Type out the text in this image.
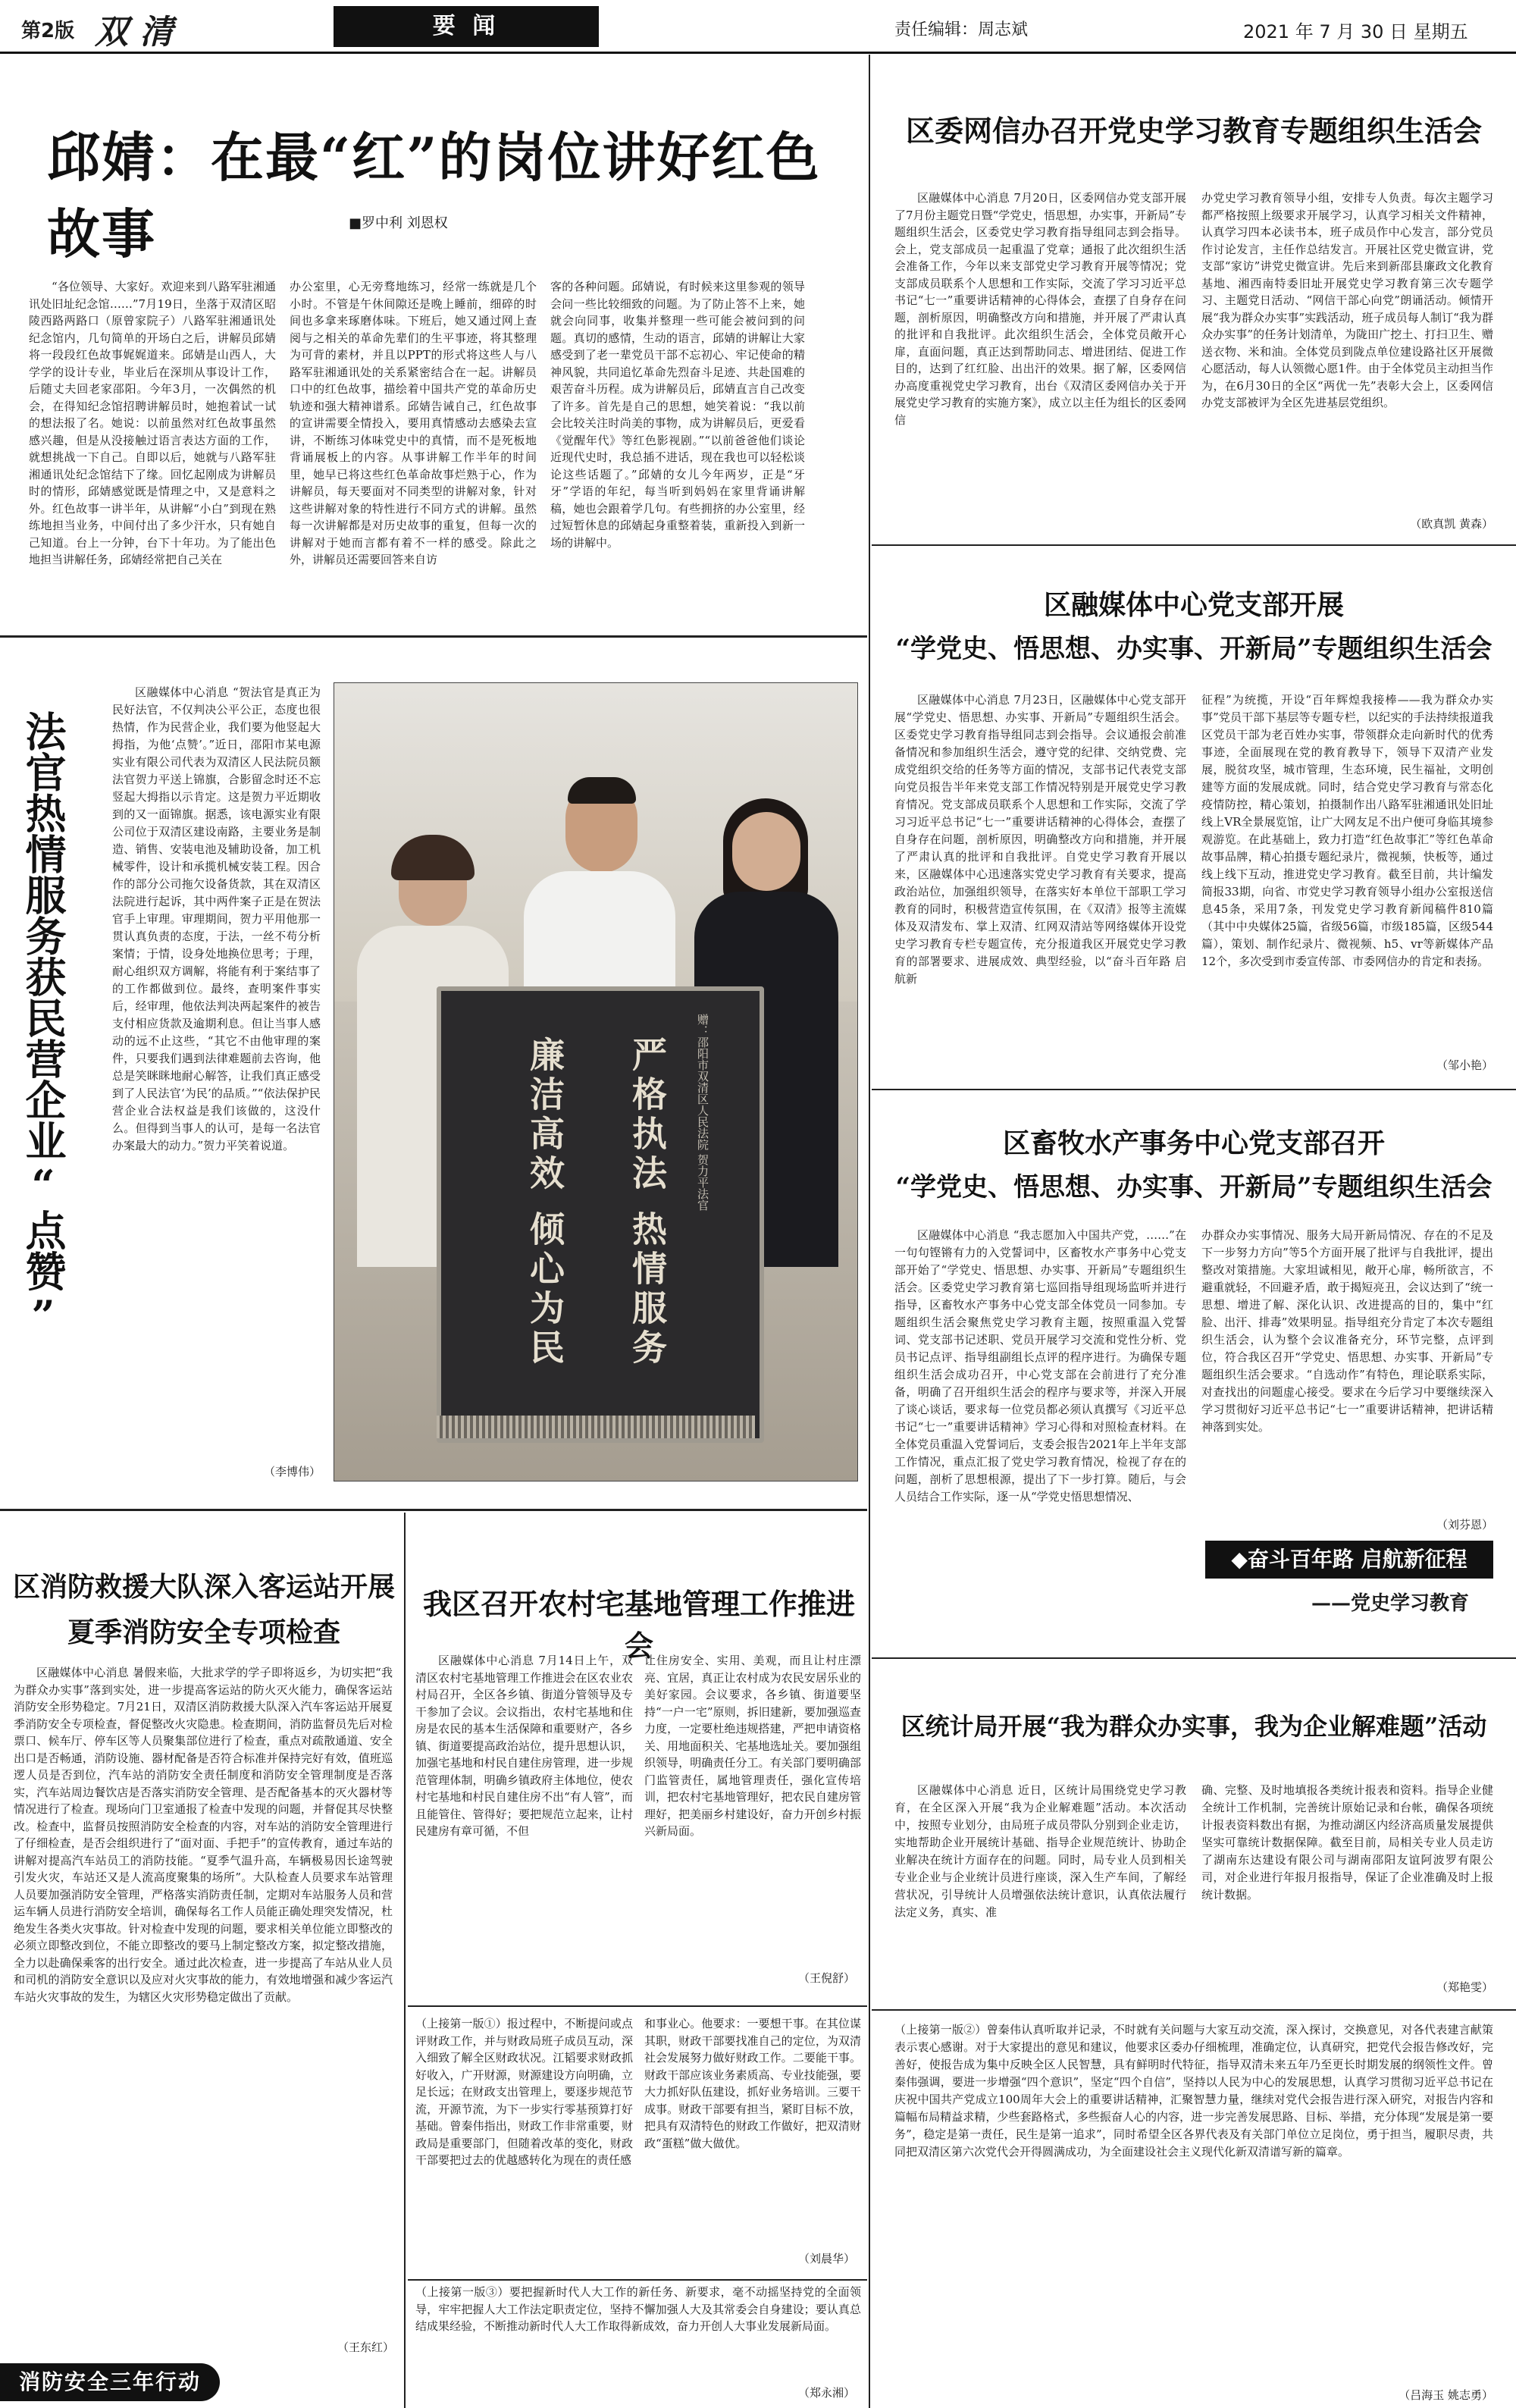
第2版 双 清	要 闻	责任编辑：周志斌	2021 年 7 月 30 日 星期五
邱婧：在最“红”的岗位讲好红色故事	■罗中利 刘恩权

“各位领导、大家好。欢迎来到八路军驻湘通讯处旧址纪念馆……”7月19日，坐落于双清区昭陵西路两路口（原曾家院子）八路军驻湘通讯处纪念馆内，几句简单的开场白之后，讲解员邱婧将一段段红色故事娓娓道来。邱婧是山西人，大学学的设计专业，毕业后在深圳从事设计工作，后随丈夫回老家邵阳。今年3月，一次偶然的机会，在得知纪念馆招聘讲解员时，她抱着试一试的想法报了名。她说：以前虽然对红色故事虽然感兴趣，但是从没接触过语言表达方面的工作，就想挑战一下自己。自即以后，她就与八路军驻湘通讯处纪念馆结下了缘。回忆起刚成为讲解员时的情形，邱婧感觉既是情理之中，又是意料之外。红色故事一讲半年，从讲解“小白”到现在熟练地担当业务，中间付出了多少汗水，只有她自己知道。台上一分钟，台下十年功。为了能出色地担当讲解任务，邱婧经常把自己关在

办公室里，心无旁骛地练习，经常一练就是几个小时。不管是午休间隙还是晚上睡前，细碎的时间也多拿来琢磨体味。下班后，她又通过网上查阅与之相关的革命先辈们的生平事迹，将其整理为可背的素材，并且以PPT的形式将这些人与八路军驻湘通讯处的关系紧密结合在一起。讲解员口中的红色故事，描绘着中国共产党的革命历史轨迹和强大精神谱系。邱婧告诫自己，红色故事的宣讲需要全情投入，要用真情感动去感染去宣讲，不断练习体味党史中的真情，而不是死板地背诵展板上的内容。从事讲解工作半年的时间里，她早已将这些红色革命故事烂熟于心，作为讲解员，每天要面对不同类型的讲解对象，针对这些讲解对象的特性进行不同方式的讲解。虽然每一次讲解都是对历史故事的重复，但每一次的讲解对于她而言都有着不一样的感受。除此之外，讲解员还需要回答来自访

客的各种问题。邱婧说，有时候来这里参观的领导会问一些比较细致的问题。为了防止答不上来，她就会向同事，收集并整理一些可能会被问到的问题。真切的感情，生动的语言，邱婧的讲解让大家感受到了老一辈党员干部不忘初心、牢记使命的精神风貌，共同追忆革命先烈奋斗足迹、共赴国难的艰苦奋斗历程。成为讲解员后，邱婧直言自己改变了许多。首先是自己的思想，她笑着说：“我以前会比较关注时尚美的事物，成为讲解员后，更爱看《觉醒年代》等红色影视剧。”“以前爸爸他们谈论近现代史时，我总插不进话，现在我也可以轻松谈论这些话题了。”邱婧的女儿今年两岁，正是“牙牙”学语的年纪，每当听到妈妈在家里背诵讲解稿，她也会跟着学几句。有些拥挤的办公室里，经过短暂休息的邱婧起身重整着装，重新投入到新一场的讲解中。

法官热情服务获民营企业“点赞”

区融媒体中心消息 “贺法官是真正为民好法官，不仅判决公平公正，态度也很热情，作为民营企业，我们要为他竖起大拇指，为他‘点赞’。”近日，邵阳市某电源实业有限公司代表为双清区人民法院员额法官贺力平送上锦旗，合影留念时还不忘竖起大拇指以示肯定。这是贺力平近期收到的又一面锦旗。据悉，该电源实业有限公司位于双清区建设南路，主要业务是制造、销售、安装电池及辅助设备，加工机械零件，设计和承揽机械安装工程。因合作的部分公司拖欠设备货款，其在双清区法院进行起诉，其中两件案子正是在贺法官手上审理。审理期间，贺力平用他那一贯认真负责的态度，于法，一丝不苟分析案情；于情，设身处地换位思考；于理，耐心组织双方调解，将能有利于案结事了的工作都做到位。最终，查明案件事实后，经审理，他依法判决两起案件的被告支付相应货款及逾期利息。但让当事人感动的远不止这些，“其它不由他审理的案件，只要我们遇到法律难题前去咨询，他总是笑眯眯地耐心解答，让我们真正感受到了人民法官‘为民’的品质。”“依法保护民营企业合法权益是我们该做的，这没什么。但得到当事人的认可，是每一名法官办案最大的动力。”贺力平笑着说道。

（李博伟）
赠：邵阳市双清区人民法院 贺力平法官
严格执法 热情服务
廉洁高效 倾心为民
区消防救援大队深入客运站开展
夏季消防安全专项检查

区融媒体中心消息 暑假来临，大批求学的学子即将返乡，为切实把“我为群众办实事”落到实处，进一步提高客运站的防火灭火能力，确保客运站消防安全形势稳定。7月21日，双清区消防救援大队深入汽车客运站开展夏季消防安全专项检查，督促整改火灾隐患。检查期间，消防监督员先后对检票口、候车厅、停车区等人员聚集部位进行了检查，重点对疏散通道、安全出口是否畅通，消防设施、器材配备是否符合标准并保持完好有效，值班巡逻人员是否到位，汽车站的消防安全责任制度和消防安全管理制度是否落实，汽车站周边餐饮店是否落实消防安全管理、是否配备基本的灭火器材等情况进行了检查。现场向门卫室通报了检查中发现的问题，并督促其尽快整改。检查中，监督员按照消防安全检查的内容，对车站的消防安全管理进行了仔细检查，是否会组织进行了“面对面、手把手”的宣传教育，通过车站的讲解对提高汽车站员工的消防技能。“夏季气温升高，车辆极易因长途驾驶引发火灾，车站还又是人流高度聚集的场所”。大队检查人员要求车站管理人员要加强消防安全管理，严格落实消防责任制，定期对车站服务人员和营运车辆人员进行消防安全培训，确保每名工作人员能正确处理突发情况，杜绝发生各类火灾事故。针对检查中发现的问题，要求相关单位能立即整改的必须立即整改到位，不能立即整改的要马上制定整改方案，拟定整改措施，全力以赴确保乘客的出行安全。通过此次检查，进一步提高了车站从业人员和司机的消防安全意识以及应对火灾事故的能力，有效地增强和减少客运汽车站火灾事故的发生，为辖区火灾形势稳定做出了贡献。

（王东红）
消防安全三年行动
我区召开农村宅基地管理工作推进会

区融媒体中心消息 7月14日上午，双清区农村宅基地管理工作推进会在区农业农村局召开，全区各乡镇、街道分管领导及专干参加了会议。会议指出，农村宅基地和住房是农民的基本生活保障和重要财产，各乡镇、街道要提高政治站位，提升思想认识，加强宅基地和村民自建住房管理，进一步规范管理体制，明确乡镇政府主体地位，使农村宅基地和村民自建住房不出“有人管”，而且能管住、管得好；要把规范立起来，让村民建房有章可循，不但

让住房安全、实用、美观，而且让村庄漂亮、宜居，真正让农村成为农民安居乐业的美好家园。会议要求，各乡镇、街道要坚持“一户一宅”原则，拆旧建新，要加强巡查力度，一定要杜绝违规搭建，严把申请资格关、用地面积关、宅基地选址关。要加强组织领导，明确责任分工。有关部门要明确部门监管责任，属地管理责任，强化宣传培训，把农村宅基地管理好，把农民自建房管理好，把美丽乡村建设好，奋力开创乡村振兴新局面。

（王倪舒）

（上接第一版①）报过程中，不断提问或点评财政工作，并与财政局班子成员互动，深入细致了解全区财政状况。江韬要求财政抓好收入，广开财源，财源建设方向明确，立足长远；在财政支出管理上，要逐步规范节流，开源节流，为下一步实行零基预算打好基础。曾秦伟指出，财政工作非常重要，财政局是重要部门，但随着改革的变化，财政干部要把过去的优越感转化为现在的责任感

和事业心。他要求：一要想干事。在其位谋其职，财政干部要找准自己的定位，为双清社会发展努力做好财政工作。二要能干事。财政干部应该业务素质高、专业技能强，要大力抓好队伍建设，抓好业务培训。三要干成事。财政干部要有担当，紧盯目标不放，把具有双清特色的财政工作做好，把双清财政“蛋糕”做大做优。

（刘晨华）

（上接第一版③）要把握新时代人大工作的新任务、新要求，毫不动摇坚持党的全面领导，牢牢把握人大工作法定职责定位，坚持不懈加强人大及其常委会自身建设；要认真总结成果经验，不断推动新时代人大工作取得新成效，奋力开创人大事业发展新局面。

（郑永湘）
区委网信办召开党史学习教育专题组织生活会

区融媒体中心消息 7月20日，区委网信办党支部开展了7月份主题党日暨“学党史，悟思想，办实事，开新局”专题组织生活会，区委党史学习教育指导组同志到会指导。会上，党支部成员一起重温了党章；通报了此次组织生活会准备工作，今年以来支部党史学习教育开展等情况；党支部成员联系个人思想和工作实际，交流了学习习近平总书记“七一”重要讲话精神的心得体会，查摆了自身存在问题，剖析原因，明确整改方向和措施，并开展了严肃认真的批评和自我批评。此次组织生活会，全体党员敞开心扉，直面问题，真正达到帮助同志、增进团结、促进工作目的，达到了红红脸、出出汗的效果。据了解，区委网信办高度重视党史学习教育，出台《双清区委网信办关于开展党史学习教育的实施方案》，成立以主任为组长的区委网信

办党史学习教育领导小组，安排专人负责。每次主题学习都严格按照上级要求开展学习，认真学习相关文件精神，认真学习四本必读书本，班子成员作中心发言，部分党员作讨论发言，主任作总结发言。开展社区党史微宣讲，党支部“家访”讲党史微宣讲。先后来到新邵县廉政文化教育基地、湘西南特委旧址开展党史学习教育第三次专题学习、主题党日活动、“网信干部心向党”朗诵活动。倾情开展“我为群众办实事”实践活动，班子成员每人制订“我为群众办实事”的任务计划清单，为陇田广挖土、打扫卫生、赠送衣物、米和油。全体党员到陇点单位建设路社区开展微心愿活动，每人认领微心愿1件。由于全体党员主动担当作为，在6月30日的全区“两优一先”表彰大会上，区委网信办党支部被评为全区先进基层党组织。

（欧真凯 黄森）
区融媒体中心党支部开展
“学党史、悟思想、办实事、开新局”专题组织生活会

区融媒体中心消息 7月23日，区融媒体中心党支部开展“学党史、悟思想、办实事、开新局”专题组织生活会。区委党史学习教育指导组同志到会指导。会议通报会前准备情况和参加组织生活会，遵守党的纪律、交纳党费、完成党组织交给的任务等方面的情况，支部书记代表党支部向党员报告半年来党支部工作情况特别是开展党史学习教育情况。党支部成员联系个人思想和工作实际，交流了学习习近平总书记“七一”重要讲话精神的心得体会，查摆了自身存在问题，剖析原因，明确整改方向和措施，并开展了严肃认真的批评和自我批评。自党史学习教育开展以来，区融媒体中心迅速落实党史学习教育有关要求，提高政治站位，加强组织领导，在落实好本单位干部职工学习教育的同时，积极营造宣传氛围，在《双清》报等主流媒体及双清发布、掌上双清、红网双清站等网络媒体开设党史学习教育专栏专题宣传，充分报道我区开展党史学习教育的部署要求、进展成效、典型经验，以“奋斗百年路 启航新

征程”为统揽，开设“百年辉煌我接棒——我为群众办实事”党员干部下基层等专题专栏，以纪实的手法持续报道我区党员干部为老百姓办实事，带领群众走向新时代的优秀事迹，全面展现在党的教育教导下，领导下双清产业发展，脱贫攻坚，城市管理，生态环境，民生福祉，文明创建等方面的发展成就。同时，结合党史学习教育与常态化疫情防控，精心策划，拍摄制作出八路军驻湘通讯处旧址线上VR全景展览馆，让广大网友足不出户便可身临其境参观游览。在此基础上，致力打造“红色故事汇”等红色革命故事品牌，精心拍摄专题纪录片，微视频，快板等，通过线上线下互动，推进党史学习教育。截至目前，共计编发简报33期，向省、市党史学习教育领导小组办公室报送信息45条，采用7条，刊发党史学习教育新闻稿件810篇（其中中央媒体25篇，省级56篇，市级185篇，区级544篇），策划、制作纪录片、微视频、h5、vr等新媒体产品12个，多次受到市委宣传部、市委网信办的肯定和表扬。

（邹小艳）
区畜牧水产事务中心党支部召开
“学党史、悟思想、办实事、开新局”专题组织生活会

区融媒体中心消息 “我志愿加入中国共产党，……”在一句句铿锵有力的入党誓词中，区畜牧水产事务中心党支部开始了“学党史、悟思想、办实事、开新局”专题组织生活会。区委党史学习教育第七巡回指导组现场监听并进行指导，区畜牧水产事务中心党支部全体党员一同参加。专题组织生活会聚焦党史学习教育主题，按照重温入党誓词、党支部书记述职、党员开展学习交流和党性分析、党员书记点评、指导组副组长点评的程序进行。为确保专题组织生活会成功召开，中心党支部在会前进行了充分准备，明确了召开组织生活会的程序与要求等，并深入开展了谈心谈话，要求每一位党员都必须认真撰写《习近平总书记“七一”重要讲话精神》学习心得和对照检查材料。在全体党员重温入党誓词后，支委会报告2021年上半年支部工作情况，重点汇报了党史学习教育情况，检视了存在的问题，剖析了思想根源，提出了下一步打算。随后，与会人员结合工作实际，逐一从“学党史悟思想情况、

办群众办实事情况、服务大局开新局情况、存在的不足及下一步努力方向”等5个方面开展了批评与自我批评，提出整改对策措施。大家坦诚相见，敞开心扉，畅所欲言，不避重就轻，不回避矛盾，敢于揭短亮丑，会议达到了“统一思想、增进了解、深化认识、改进提高的目的，集中“红脸、出汗、排毒”效果明显。指导组充分肯定了本次专题组织生活会，认为整个会议准备充分，环节完整，点评到位，符合我区召开“学党史、悟思想、办实事、开新局”专题组织生活会要求。“自选动作”有特色，理论联系实际，对查找出的问题虚心接受。要求在今后学习中要继续深入学习贯彻好习近平总书记“七一”重要讲话精神，把讲话精神落到实处。

（刘芬恩）
◆奋斗百年路 启航新征程
——党史学习教育
区统计局开展“我为群众办实事，我为企业解难题”活动

区融媒体中心消息 近日，区统计局围绕党史学习教育，在全区深入开展“我为企业解难题”活动。本次活动中，按照专业划分，由局班子成员带队分别到企业走访，实地帮助企业开展统计基础、指导企业规范统计、协助企业解决在统计方面存在的问题。同时，局专业人员到相关专业企业与企业统计员进行座谈，深入生产车间，了解经营状况，引导统计人员增强依法统计意识，认真依法履行法定义务，真实、准

确、完整、及时地填报各类统计报表和资料。指导企业健全统计工作机制，完善统计原始记录和台帐，确保各项统计报表资料数出有据，为推动湖区内经济高质量发展提供坚实可靠统计数据保障。截至目前，局相关专业人员走访了湖南东达建设有限公司与湖南邵阳友谊阿波罗有限公司，对企业进行年报月报指导，保证了企业准确及时上报统计数据。

（郑艳雯）

（上接第一版②）曾秦伟认真听取并记录，不时就有关问题与大家互动交流，深入探讨，交换意见，对各代表建言献策表示衷心感谢。对于大家提出的意见和建议，他要求区委办仔细梳理，准确定位，认真研究，把党代会报告修改好，完善好，使报告成为集中反映全区人民智慧，具有鲜明时代特征，指导双清未来五年乃至更长时期发展的纲领性文件。曾秦伟强调，要进一步增强“四个意识”，坚定“四个自信”，坚持以人民为中心的发展思想，认真学习贯彻习近平总书记在庆祝中国共产党成立100周年大会上的重要讲话精神，汇聚智慧力量，继续对党代会报告进行深入研究，对报告内容和篇幅布局精益求精，少些套路格式，多些振奋人心的内容，进一步完善发展思路、目标、举措，充分体现“发展是第一要务”，稳定是第一责任，民生是第一追求”，同时希望全区各界代表及有关部门单位立足岗位，勇于担当，履职尽责，共同把双清区第六次党代会开得圆满成功，为全面建设社会主义现代化新双清谱写新的篇章。

（吕海玉 姚志勇）
